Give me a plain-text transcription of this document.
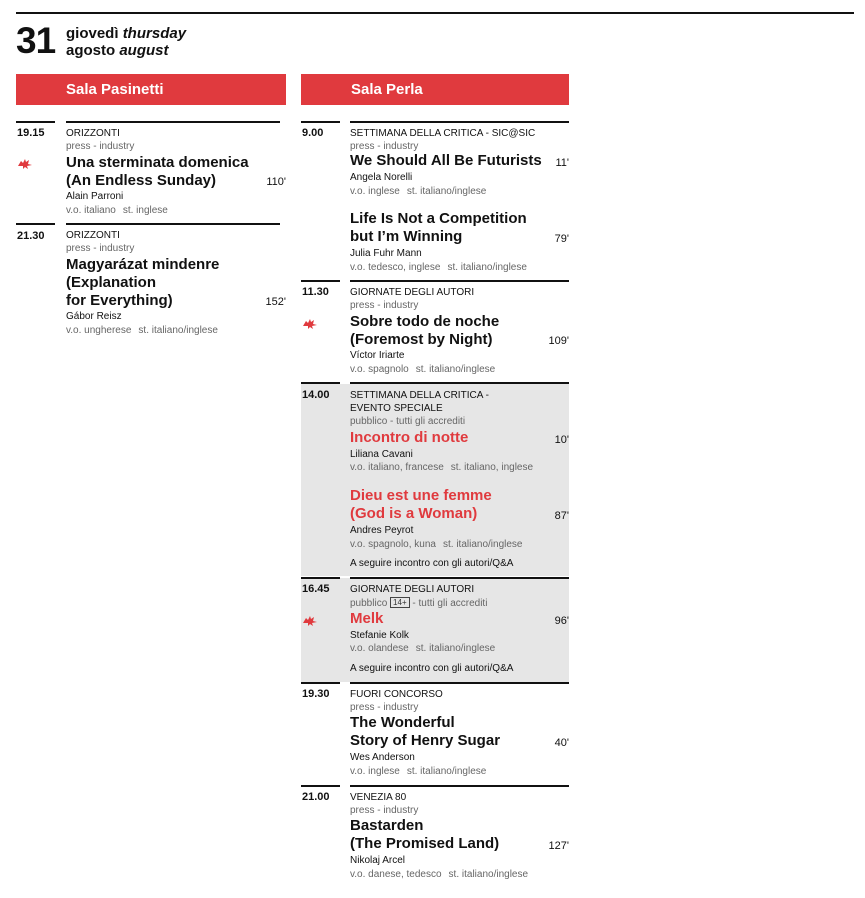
31 giovedì thursday
agosto august
Sala Pasinetti	Sala Perla
19.15 ORIZZONTI
press - industry
Una sterminata domenica
(An Endless Sunday)	110'
Alain Parroni
v.o. italiano st. inglese
21.30 ORIZZONTI
press - industry
Magyarázat mindenre
(Explanation
for Everything)	152'
Gábor Reisz
v.o. ungherese st. italiano/inglese
9.00	SETTIMANA DELLA CRITICA - SIC@SIC
press - industry
We Should All Be Futurists	11'
Angela Norelli
v.o. inglese st. italiano/inglese
Life Is Not a Competition
but I’m Winning	79'
Julia Fuhr Mann
v.o. tedesco, inglese st. italiano/inglese
11.30 GIORNATE DEGLI AUTORI
press - industry
Sobre todo de noche
(Foremost by Night)	109'
Víctor Iriarte
v.o. spagnolo st. italiano/inglese
14.00 SETTIMANA DELLA CRITICA -
EVENTO SPECIALE
pubblico - tutti gli accrediti
Incontro di notte	10'
Liliana Cavani
v.o. italiano, francese st. italiano, inglese
Dieu est une femme
(God is a Woman)	87'
Andres Peyrot
v.o. spagnolo, kuna st. italiano/inglese
A seguire incontro con gli autori/Q&A
16.45 GIORNATE DEGLI AUTORI
pubblico 14+ - tutti gli accrediti
Melk	96'
Stefanie Kolk
v.o. olandese st. italiano/inglese
A seguire incontro con gli autori/Q&A
19.30 FUORI CONCORSO
press - industry
The Wonderful
Story of Henry Sugar	40'
Wes Anderson
v.o. inglese st. italiano/inglese
21.00 VENEZIA 80
press - industry
Bastarden
(The Promised Land)	127'
Nikolaj Arcel
v.o. danese, tedesco st. italiano/inglese
